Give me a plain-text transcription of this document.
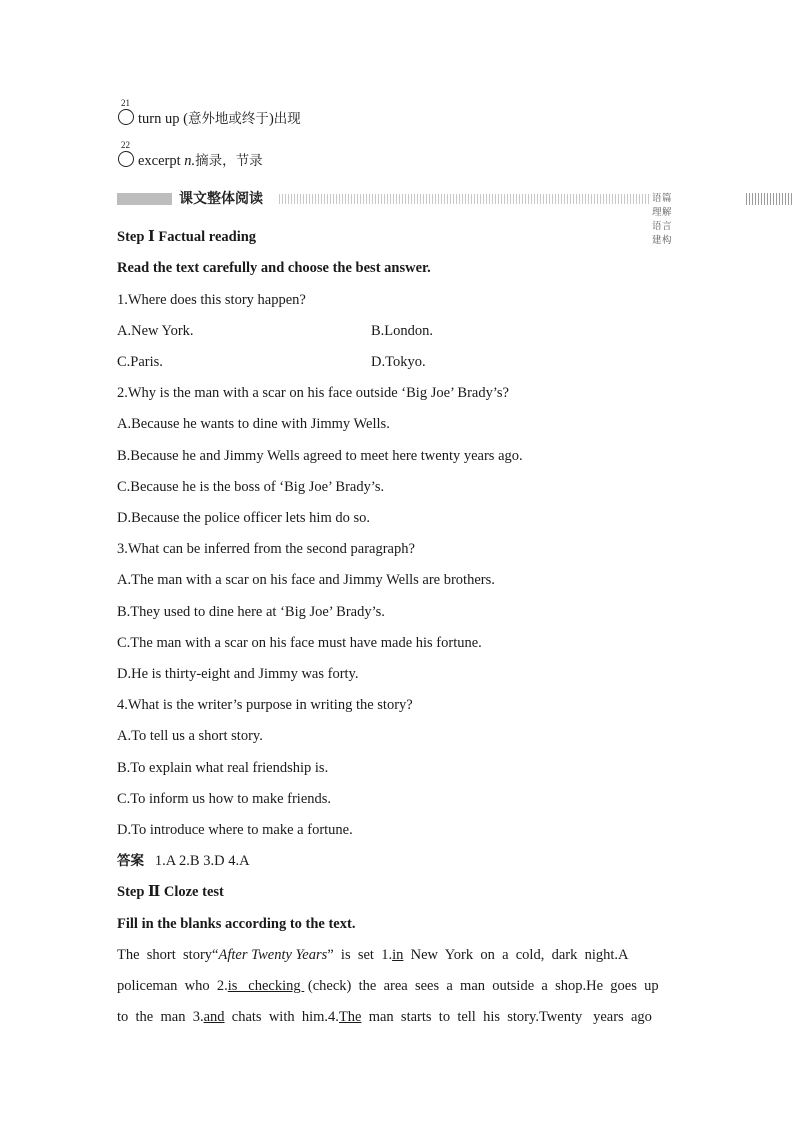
21
turn up (意外地或终于)出现
22
excerpt n.摘录，节录
课文整体阅读	语篇理解 语言建构
Step Ⅰ Factual reading
Read the text carefully and choose the best answer.
1.Where does this story happen?
A.New York.	B.London.
C.Paris.	D.Tokyo.
2.Why is the man with a scar on his face outside ‘Big Joe’ Brady’s?
A.Because he wants to dine with Jimmy Wells.
B.Because he and Jimmy Wells agreed to meet here twenty years ago.
C.Because he is the boss of ‘Big Joe’ Brady’s.
D.Because the police officer lets him do so.
3.What can be inferred from the second paragraph?
A.The man with a scar on his face and Jimmy Wells are brothers.
B.They used to dine here at ‘Big Joe’ Brady’s.
C.The man with a scar on his face must have made his fortune.
D.He is thirty-eight and Jimmy was forty.
4.What is the writer’s purpose in writing the story?
A.To tell us a short story.
B.To explain what real friendship is.
C.To inform us how to make friends.
D.To introduce where to make a fortune.
答案 1.A 2.B 3.D 4.A
Step Ⅱ Cloze test
Fill in the blanks according to the text.
The  short  story“After Twenty Years”  is  set  1.in  New  York  on  a  cold,  dark  night.A
policeman  who  2.is   checking  (check)  the  area  sees  a  man  outside  a  shop.He  goes  up
to  the  man  3.and  chats  with  him.4.The  man  starts  to  tell  his  story.Twenty   years  ago
